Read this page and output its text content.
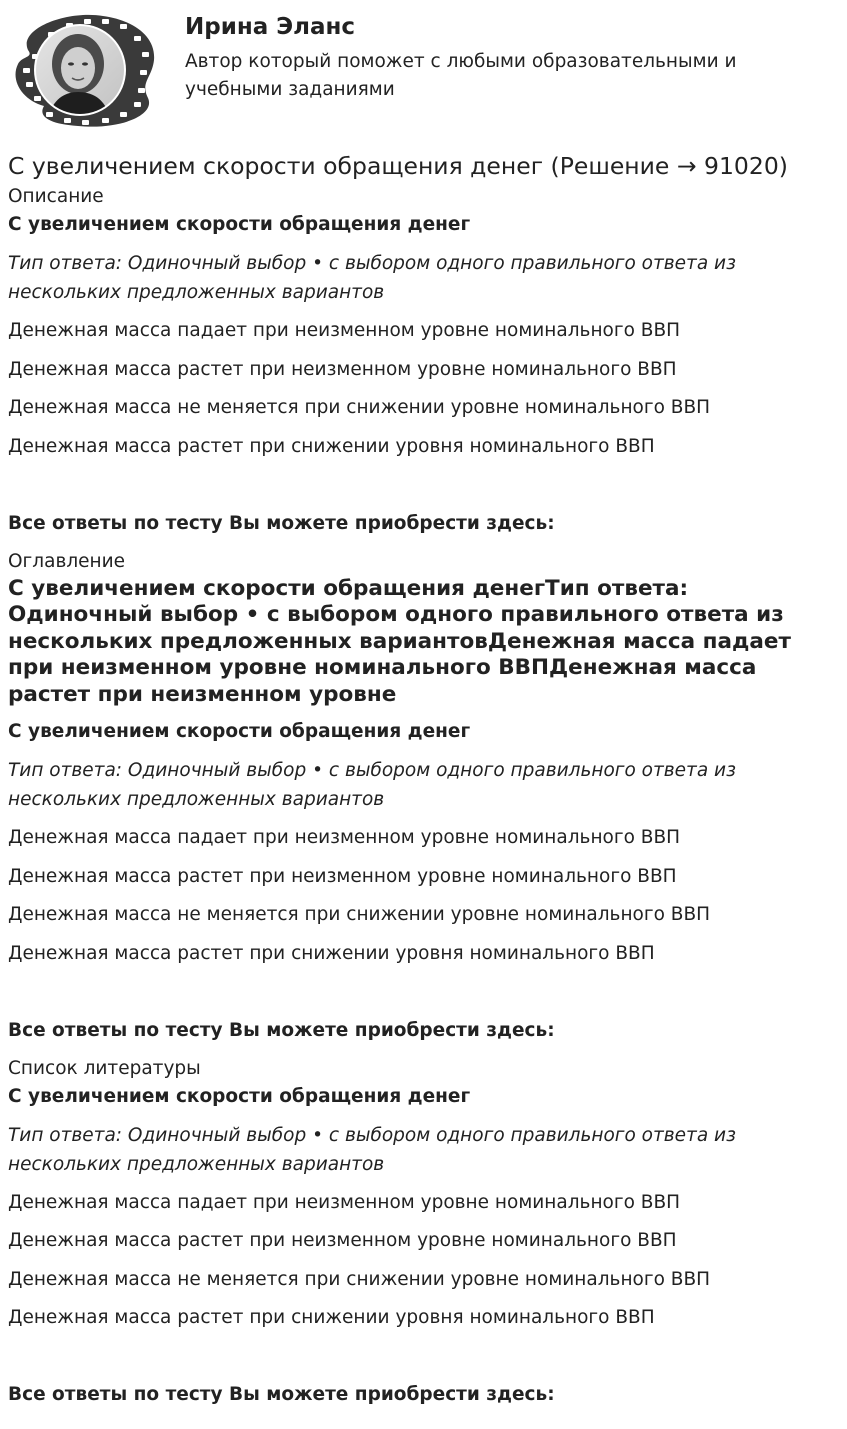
Ирина Эланс

Автор который поможет с любыми образовательными и учебными заданиями

С увеличением скорости обращения денег (Решение → 91020)

Описание

С увеличением скорости обращения денег

Тип ответа: Одиночный выбор • с выбором одного правильного ответа из нескольких предложенных вариантов

Денежная масса падает при неизменном уровне номинального ВВП

Денежная масса растет при неизменном уровне номинального ВВП

Денежная масса не меняется при снижении уровне номинального ВВП

Денежная масса растет при снижении уровня номинального ВВП

Все ответы по тесту Вы можете приобрести здесь:

Оглавление

С увеличением скорости обращения денегТип ответа: Одиночный выбор • с выбором одного правильного ответа из нескольких предложенных вариантовДенежная масса падает при неизменном уровне номинального ВВПДенежная масса растет при неизменном уровне

С увеличением скорости обращения денег

Тип ответа: Одиночный выбор • с выбором одного правильного ответа из нескольких предложенных вариантов

Денежная масса падает при неизменном уровне номинального ВВП

Денежная масса растет при неизменном уровне номинального ВВП

Денежная масса не меняется при снижении уровне номинального ВВП

Денежная масса растет при снижении уровня номинального ВВП

Все ответы по тесту Вы можете приобрести здесь:

Список литературы

С увеличением скорости обращения денег

Тип ответа: Одиночный выбор • с выбором одного правильного ответа из нескольких предложенных вариантов

Денежная масса падает при неизменном уровне номинального ВВП

Денежная масса растет при неизменном уровне номинального ВВП

Денежная масса не меняется при снижении уровне номинального ВВП

Денежная масса растет при снижении уровня номинального ВВП

Все ответы по тесту Вы можете приобрести здесь:
